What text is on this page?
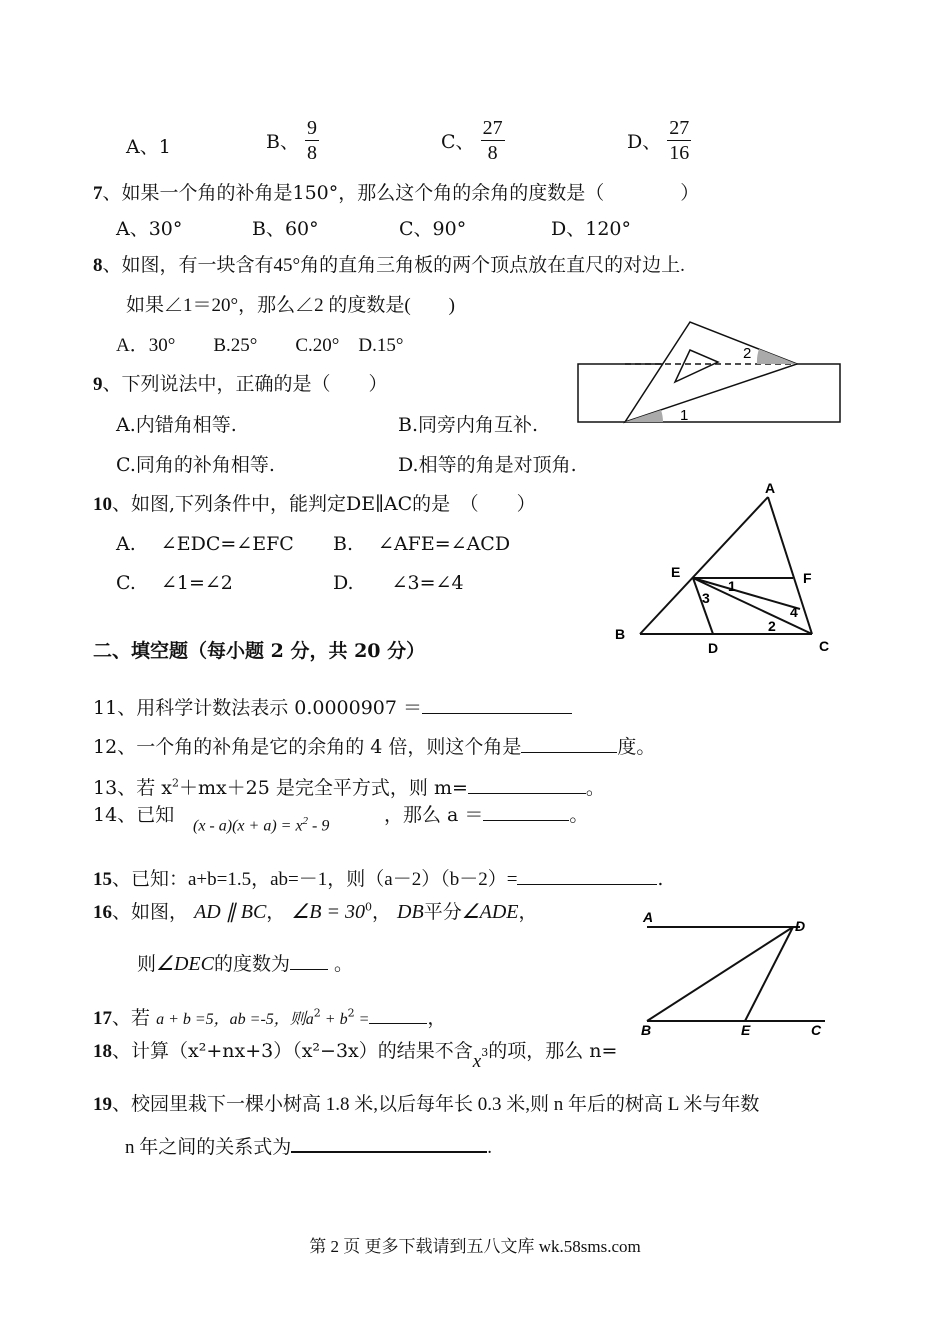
A、1	B、 $\frac{9}{8}$	C、 $\frac{27}{8}$	D、 $\frac{27}{16}$
7、如果一个角的补角是150°，那么这个角的余角的度数是（　　　　）
A、30°	B、60°	C、90°	D、120°
8、如图，有一块含有45°角的直角三角板的两个顶点放在直尺的对边上.
如果∠1＝20°，那么∠2 的度数是(　　)
A．30°　　B.25°　　C.20°　D.15°
1
2
9、下列说法中，正确的是（　　）
A.内错角相等.	B.同旁内角互补.
C.同角的补角相等.	D.相等的角是对顶角.
10、如图,下列条件中，能判定DE∥AC的是　（　　）
A.　 ∠EDC=∠EFC B.　 ∠AFE=∠ACD
C.　 ∠1=∠2	D.　　∠3=∠4
A
B
C
D
E	F
1
2
3
4
二、填空题（每小题 2 分，共 20 分）
11、用科学计数法表示 0.0000907 ＝
12、一个角的补角是它的余角的 4 倍，则这个角是	度。
13、若 $x^2+mx+25$ 是完全平方式，则 m=	。
14、已知 $(x - a)(x + a) = x^2 - 9$	，那么 a ＝	。
15、已知：a+b=1.5，ab=－1，则（a－2）（b－2）=	.
16、如图， AD ∥ BC， ∠B = $30^0$， DB平分∠ADE，
则∠DEC的度数为 。
A
D
B	E	C
17、若 a + b =5，ab =-5，则$a^2 + b^2$ =	，
18、计算（x²+nx+3）（x²−3x）的结果不含$x^3$的项，那么 n=
19、校园里栽下一棵小树高 1.8 米,以后每年长 0.3 米,则 n 年后的树高 L 米与年数
n 年之间的关系式为	.
第 2 页 更多下载请到五八文库 wk.58sms.com
